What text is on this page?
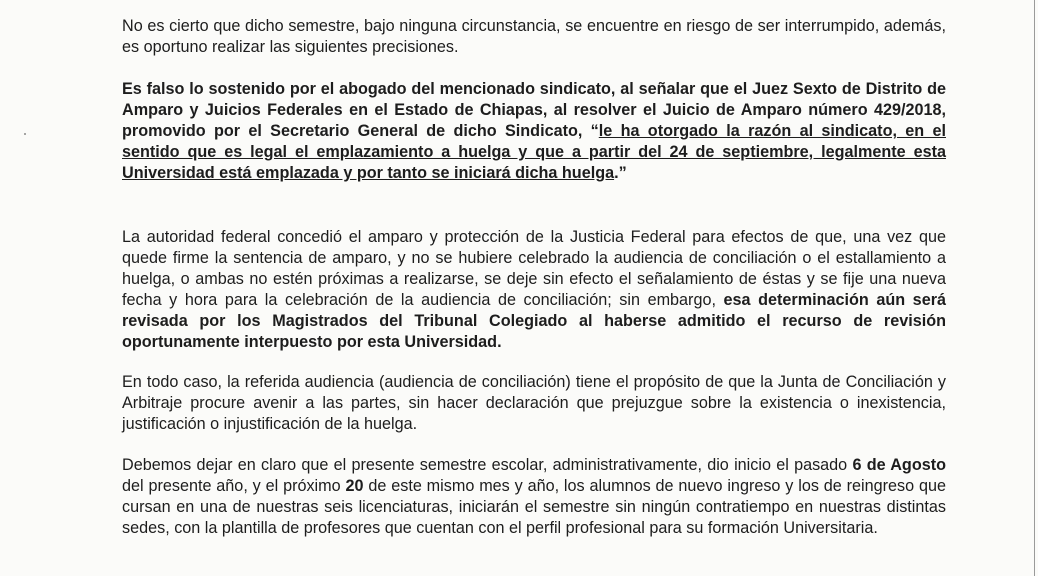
No es cierto que dicho semestre, bajo ninguna circunstancia, se encuentre en riesgo de ser interrumpido, además, es oportuno realizar las siguientes precisiones.

Es falso lo sostenido por el abogado del mencionado sindicato, al señalar que el Juez Sexto de Distrito de Amparo y Juicios Federales en el Estado de Chiapas, al resolver el Juicio de Amparo número 429/2018, promovido por el Secretario General de dicho Sindicato, “le ha otorgado la razón al sindicato, en el sentido que es legal el emplazamiento a huelga y que a partir del 24 de septiembre, legalmente esta Universidad está emplazada y por tanto se iniciará dicha huelga.”

La autoridad federal concedió el amparo y protección de la Justicia Federal para efectos de que, una vez que quede firme la sentencia de amparo, y no se hubiere celebrado la audiencia de conciliación o el estallamiento a huelga, o ambas no estén próximas a realizarse, se deje sin efecto el señalamiento de éstas y se fije una nueva fecha y hora para la celebración de la audiencia de conciliación; sin embargo, esa determinación aún será revisada por los Magistrados del Tribunal Colegiado al haberse admitido el recurso de revisión oportunamente interpuesto por esta Universidad.

En todo caso, la referida audiencia (audiencia de conciliación) tiene el propósito de que la Junta de Conciliación y Arbitraje procure avenir a las partes, sin hacer declaración que prejuzgue sobre la existencia o inexistencia, justificación o injustificación de la huelga.

Debemos dejar en claro que el presente semestre escolar, administrativamente, dio inicio el pasado 6 de Agosto del presente año, y el próximo 20 de este mismo mes y año, los alumnos de nuevo ingreso y los de reingreso que cursan en una de nuestras seis licenciaturas, iniciarán el semestre sin ningún contratiempo en nuestras distintas sedes, con la plantilla de profesores que cuentan con el perfil profesional para su formación Universitaria.
